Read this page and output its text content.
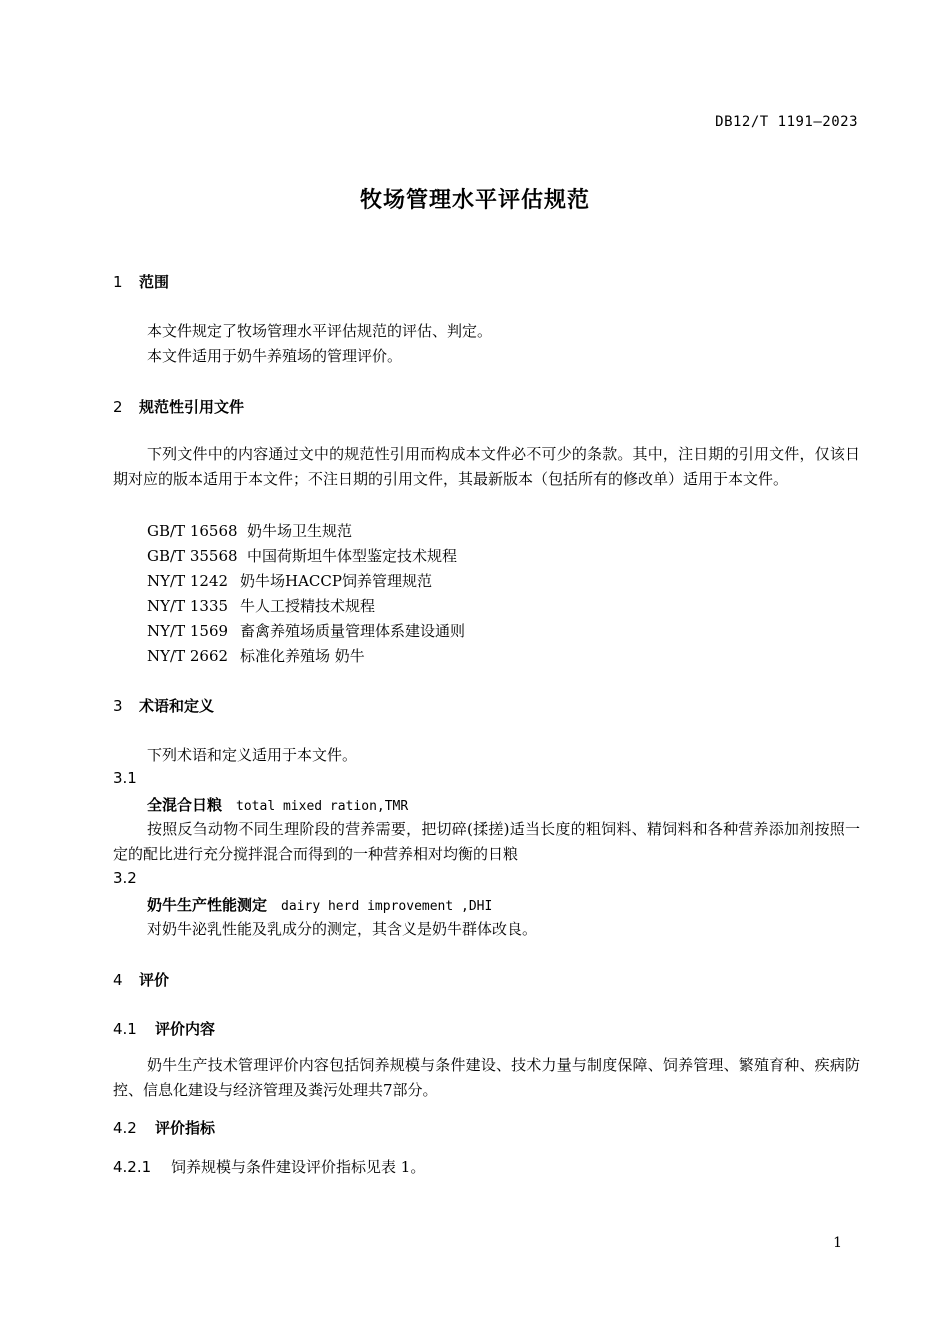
DB12/T 1191—2023
牧场管理水平评估规范
1 范围
本文件规定了牧场管理水平评估规范的评估、判定。
本文件适用于奶牛养殖场的管理评价。
2 规范性引用文件
下列文件中的内容通过文中的规范性引用而构成本文件必不可少的条款。其中，注日期的引用文件，仅该日期对应的版本适用于本文件；不注日期的引用文件，其最新版本（包括所有的修改单）适用于本文件。
GB/T 16568 奶牛场卫生规范
GB/T 35568 中国荷斯坦牛体型鉴定技术规程
NY/T 1242 奶牛场HACCP饲养管理规范
NY/T 1335 牛人工授精技术规程
NY/T 1569 畜禽养殖场质量管理体系建设通则
NY/T 2662 标准化养殖场 奶牛
3 术语和定义
下列术语和定义适用于本文件。
3.1
全混合日粮 total mixed ration,TMR
按照反刍动物不同生理阶段的营养需要，把切碎(揉搓)适当长度的粗饲料、精饲料和各种营养添加剂按照一定的配比进行充分搅拌混合而得到的一种营养相对均衡的日粮
3.2
奶牛生产性能测定 dairy herd improvement ,DHI
对奶牛泌乳性能及乳成分的测定，其含义是奶牛群体改良。
4 评价
4.1 评价内容
奶牛生产技术管理评价内容包括饲养规模与条件建设、技术力量与制度保障、饲养管理、繁殖育种、疾病防控、信息化建设与经济管理及粪污处理共7部分。
4.2 评价指标
4.2.1 饲养规模与条件建设评价指标见表 1。
1
